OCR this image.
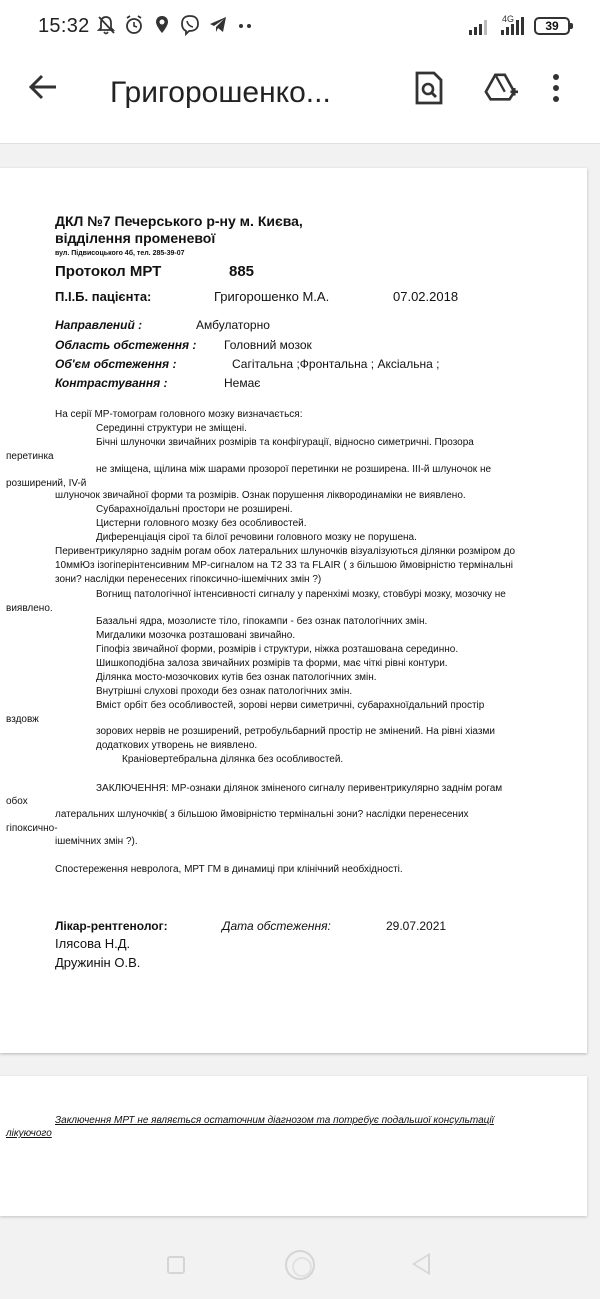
15:32	4G	39
Григорошенко...
ДКЛ №7 Печерського р-ну м. Києва,
відділення променевої
вул. Підвисоцького 4б, тел. 285-39-07
Протокол МРТ	885
П.І.Б. пацієнта:	Григорошенко М.А.	07.02.2018
Направлений :	Амбулаторно
Область обстеження : Головний мозок
Об'єм обстеження :	Сагітальна ;Фронтальна ; Аксіальна ;
Контрастування :	Немає
На серії МР-томограм головного мозку визначається:
Серединні структури не зміщені.
Бічні шлуночки звичайних розмірів та конфігурації, відносно симетричні. Прозора
перетинка
не зміщена, щілина між шарами прозорої перетинки не розширена. ІІІ-й шлуночок не
розширений, IV-й
шлуночок звичайної форми та розмірів. Ознак порушення ліквородинаміки не виявлено.
Субарахноїдальні простори не розширені.
Цистерни головного мозку без особливостей.
Диференціація сірої та білої речовини головного мозку не порушена.
Перивентрикулярно заднім рогам обох латеральних шлуночків візуалізуються ділянки розміром до
10ммЮз ізогіперінтенсивним МР-сигналом на Т2 З3 та FLAIR ( з більшою ймовірністю термінальні
зони? наслідки перенесених гіпоксично-ішемічних змін ?)
Вогнищ патологічної інтенсивності сигналу у паренхімі мозку, стовбурі мозку, мозочку не
виявлено.
Базальні ядра, мозолисте тіло, гіпокампи - без ознак патологічних змін.
Мигдалики мозочка розташовані звичайно.
Гіпофіз звичайної форми, розмірів і структури, ніжка розташована серединно.
Шишкоподібна залоза звичайних розмірів та форми, має чіткі рівні контури.
Ділянка мосто-мозочкових кутів без ознак патологічних змін.
Внутрішні слухові проходи без ознак патологічних змін.
Вміст орбіт без особливостей, зорові нерви симетричні, субарахноїдальний простір
вздовж
зорових нервів не розширений, ретробульбарний простір не змінений. На рівні хіазми
додаткових утворень не виявлено.
Краніовертебральна ділянка без особливостей.
ЗАКЛЮЧЕННЯ: МР-ознаки ділянок зміненого сигналу перивентрикулярно заднім рогам
обох
латеральних шлуночків( з більшою ймовірністю термінальні зони? наслідки перенесених
гіпоксично-
ішемічних змін ?).
Спостереження невролога, МРТ ГМ в динамиці при клінічний необхідності.
Лікар-рентгенолог:	Дата обстеження:	29.07.2021
Ілясова Н.Д.
Дружинін О.В.
Заключення МРТ не являється остаточним діагнозом та потребує подальшої консультації
лікуючого
